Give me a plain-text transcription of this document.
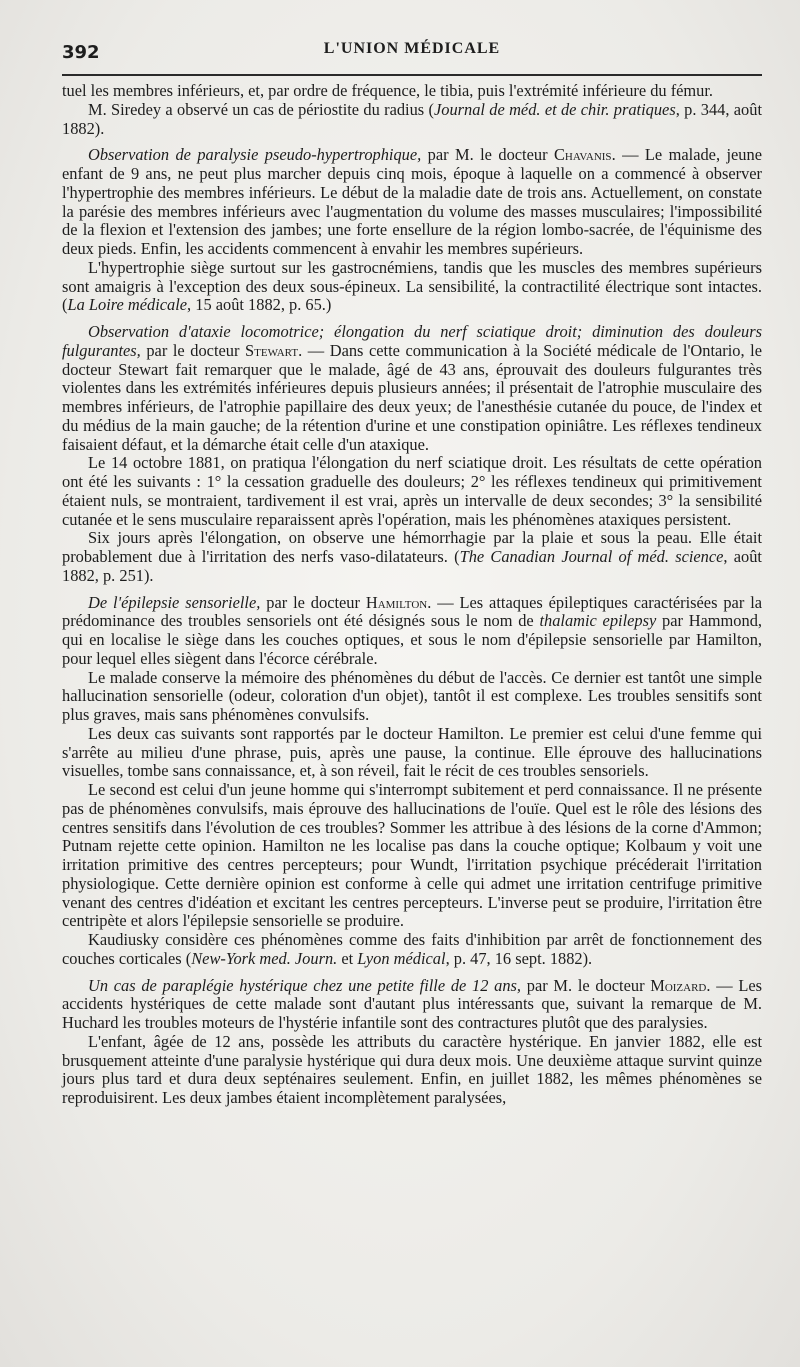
392	L'UNION MÉDICALE

tuel les membres inférieurs, et, par ordre de fréquence, le tibia, puis l'extrémité inférieure du fémur.

M. Siredey a observé un cas de périostite du radius (Journal de méd. et de chir. pratiques, p. 344, août 1882).

Observation de paralysie pseudo-hypertrophique, par M. le docteur Chavanis. — Le malade, jeune enfant de 9 ans, ne peut plus marcher depuis cinq mois, époque à laquelle on a commencé à observer l'hypertrophie des membres inférieurs. Le début de la maladie date de trois ans. Actuellement, on constate la parésie des membres inférieurs avec l'augmentation du volume des masses musculaires; l'impossibilité de la flexion et l'extension des jambes; une forte ensellure de la région lombo-sacrée, de l'équinisme des deux pieds. Enfin, les accidents commencent à envahir les membres supérieurs.

L'hypertrophie siège surtout sur les gastrocnémiens, tandis que les muscles des membres supérieurs sont amaigris à l'exception des deux sous-épineux. La sensibilité, la contractilité électrique sont intactes. (La Loire médicale, 15 août 1882, p. 65.)

Observation d'ataxie locomotrice; élongation du nerf sciatique droit; diminution des douleurs fulgurantes, par le docteur Stewart. — Dans cette communication à la Société médicale de l'Ontario, le docteur Stewart fait remarquer que le malade, âgé de 43 ans, éprouvait des douleurs fulgurantes très violentes dans les extrémités inférieures depuis plusieurs années; il présentait de l'atrophie musculaire des membres inférieurs, de l'atrophie papillaire des deux yeux; de l'anesthésie cutanée du pouce, de l'index et du médius de la main gauche; de la rétention d'urine et une constipation opiniâtre. Les réflexes tendineux faisaient défaut, et la démarche était celle d'un ataxique.

Le 14 octobre 1881, on pratiqua l'élongation du nerf sciatique droit. Les résultats de cette opération ont été les suivants : 1° la cessation graduelle des douleurs; 2° les réflexes tendineux qui primitivement étaient nuls, se montraient, tardivement il est vrai, après un intervalle de deux secondes; 3° la sensibilité cutanée et le sens musculaire reparaissent après l'opération, mais les phénomènes ataxiques persistent.

Six jours après l'élongation, on observe une hémorrhagie par la plaie et sous la peau. Elle était probablement due à l'irritation des nerfs vaso-dilatateurs. (The Canadian Journal of méd. science, août 1882, p. 251).

De l'épilepsie sensorielle, par le docteur Hamilton. — Les attaques épileptiques caractérisées par la prédominance des troubles sensoriels ont été désignés sous le nom de thalamic epilepsy par Hammond, qui en localise le siège dans les couches optiques, et sous le nom d'épilepsie sensorielle par Hamilton, pour lequel elles siègent dans l'écorce cérébrale.

Le malade conserve la mémoire des phénomènes du début de l'accès. Ce dernier est tantôt une simple hallucination sensorielle (odeur, coloration d'un objet), tantôt il est complexe. Les troubles sensitifs sont plus graves, mais sans phénomènes convulsifs.

Les deux cas suivants sont rapportés par le docteur Hamilton. Le premier est celui d'une femme qui s'arrête au milieu d'une phrase, puis, après une pause, la continue. Elle éprouve des hallucinations visuelles, tombe sans connaissance, et, à son réveil, fait le récit de ces troubles sensoriels.

Le second est celui d'un jeune homme qui s'interrompt subitement et perd connaissance. Il ne présente pas de phénomènes convulsifs, mais éprouve des hallucinations de l'ouïe. Quel est le rôle des lésions des centres sensitifs dans l'évolution de ces troubles? Sommer les attribue à des lésions de la corne d'Ammon; Putnam rejette cette opinion. Hamilton ne les localise pas dans la couche optique; Kolbaum y voit une irritation primitive des centres percepteurs; pour Wundt, l'irritation psychique précéderait l'irritation physiologique. Cette dernière opinion est conforme à celle qui admet une irritation centrifuge primitive venant des centres d'idéation et excitant les centres percepteurs. L'inverse peut se produire, l'irritation être centripète et alors l'épilepsie sensorielle se produire.

Kaudiusky considère ces phénomènes comme des faits d'inhibition par arrêt de fonctionnement des couches corticales (New-York med. Journ. et Lyon médical, p. 47, 16 sept. 1882).

Un cas de paraplégie hystérique chez une petite fille de 12 ans, par M. le docteur Moizard. — Les accidents hystériques de cette malade sont d'autant plus intéressants que, suivant la remarque de M. Huchard les troubles moteurs de l'hystérie infantile sont des contractures plutôt que des paralysies.

L'enfant, âgée de 12 ans, possède les attributs du caractère hystérique. En janvier 1882, elle est brusquement atteinte d'une paralysie hystérique qui dura deux mois. Une deuxième attaque survint quinze jours plus tard et dura deux septénaires seulement. Enfin, en juillet 1882, les mêmes phénomènes se reproduisirent. Les deux jambes étaient incomplètement paralysées,
